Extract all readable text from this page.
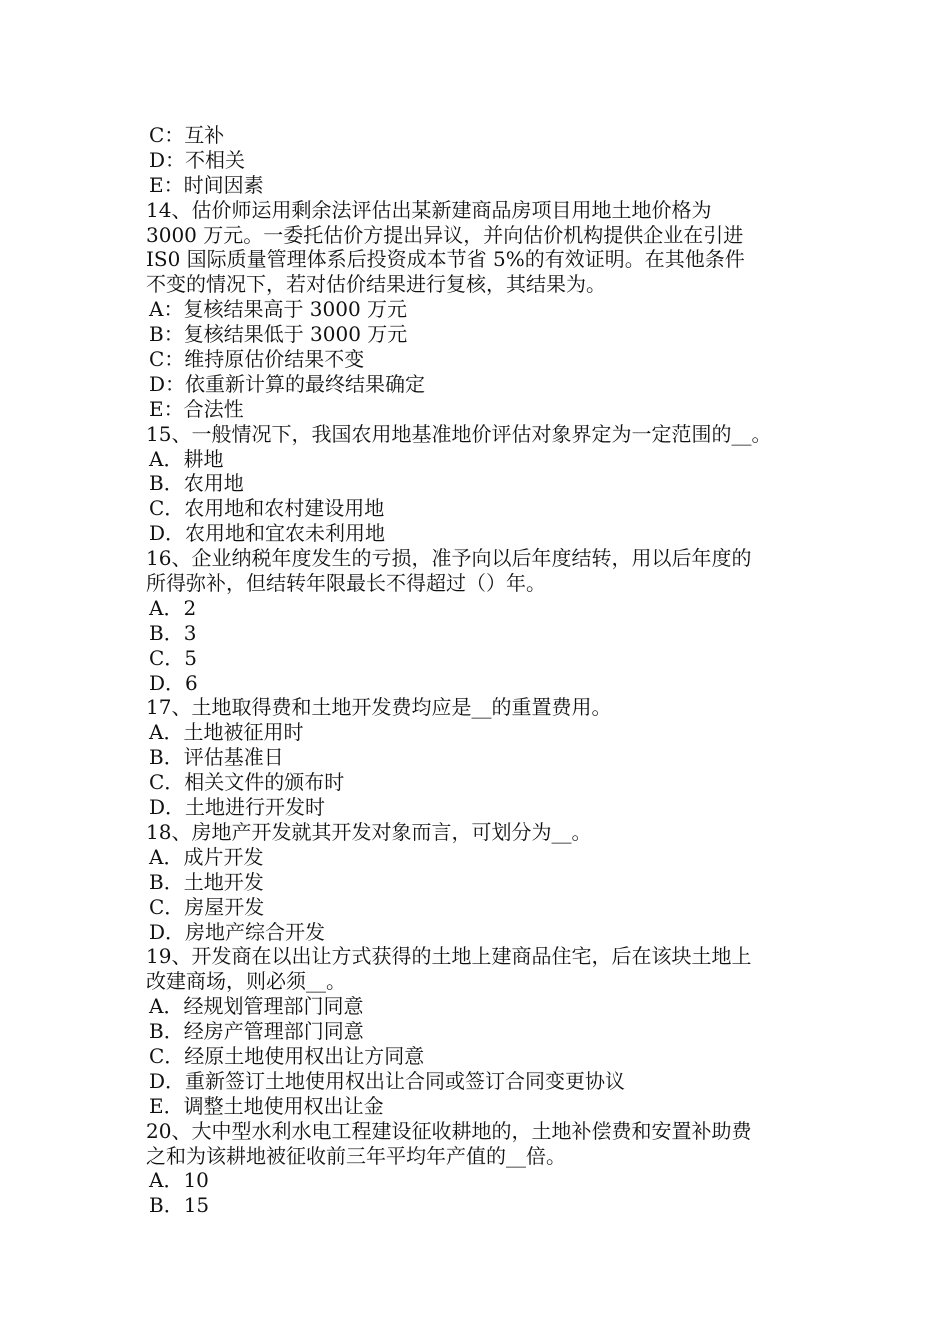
C：互补
D：不相关
E：时间因素
14、估价师运用剩余法评估出某新建商品房项目用地土地价格为
3000 万元。一委托估价方提出异议，并向估价机构提供企业在引进
IS0 国际质量管理体系后投资成本节省 5%的有效证明。在其他条件
不变的情况下，若对估价结果进行复核，其结果为。
A：复核结果高于 3000 万元
B：复核结果低于 3000 万元
C：维持原估价结果不变
D：依重新计算的最终结果确定
E：合法性
15、一般情况下，我国农用地基准地价评估对象界定为一定范围的__。
A．耕地
B．农用地
C．农用地和农村建设用地
D．农用地和宜农未利用地
16、企业纳税年度发生的亏损，准予向以后年度结转，用以后年度的
所得弥补，但结转年限最长不得超过（）年。
A．2
B．3
C．5
D．6
17、土地取得费和土地开发费均应是__的重置费用。
A．土地被征用时
B．评估基准日
C．相关文件的颁布时
D．土地进行开发时
18、房地产开发就其开发对象而言，可划分为__。
A．成片开发
B．土地开发
C．房屋开发
D．房地产综合开发
19、开发商在以出让方式获得的土地上建商品住宅，后在该块土地上
改建商场，则必须__。
A．经规划管理部门同意
B．经房产管理部门同意
C．经原土地使用权出让方同意
D．重新签订土地使用权出让合同或签订合同变更协议
E．调整土地使用权出让金
20、大中型水利水电工程建设征收耕地的，土地补偿费和安置补助费
之和为该耕地被征收前三年平均年产值的__倍。
A．10
B．15
